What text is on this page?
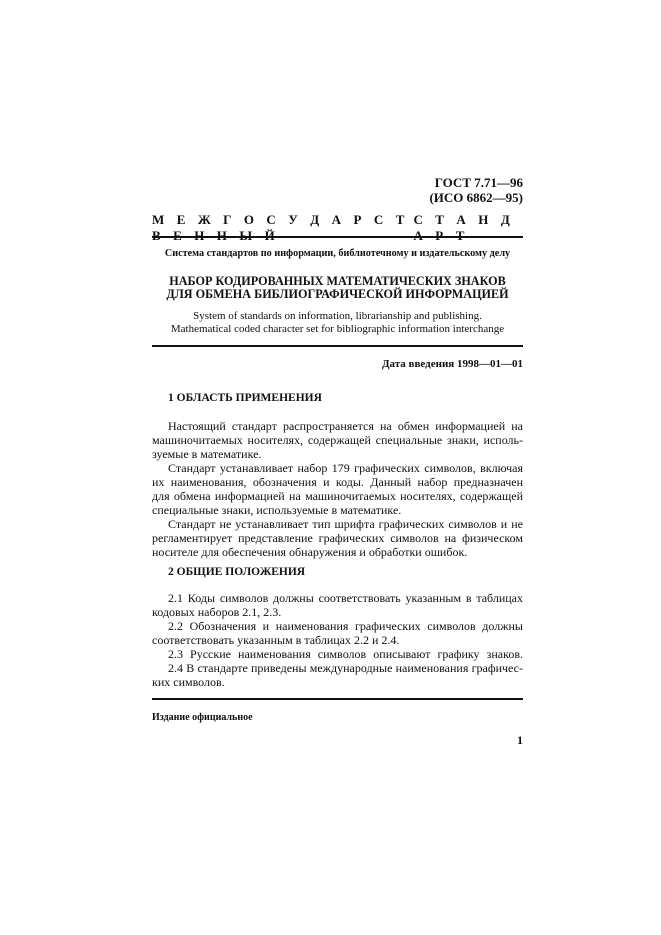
ГОСТ 7.71—96
(ИСО 6862—95)
М Е Ж Г О С У Д А Р С Т В Е Н Н Ы Й
С Т А Н Д А Р Т
Система стандартов по информации, библиотечному и издательскому делу
НАБОР КОДИРОВАННЫХ МАТЕМАТИЧЕСКИХ ЗНАКОВ
ДЛЯ ОБМЕНА БИБЛИОГРАФИЧЕСКОЙ ИНФОРМАЦИЕЙ
System of standards on information, librarianship and publishing.
Mathematical coded character set for bibliographic information interchange
Дата введения 1998—01—01
1 ОБЛАСТЬ ПРИМЕНЕНИЯ
Настоящий стандарт распространяется на обмен информацией на
машиночитаемых носителях, содержащей специальные знаки, исполь-
зуемые в математике.
Стандарт устанавливает набор 179 графических символов, включая
их наименования, обозначения и коды. Данный набор предназначен
для обмена информацией на машиночитаемых носителях, содержащей
специальные знаки, используемые в математике.
Стандарт не устанавливает тип шрифта графических символов и не
регламентирует представление графических символов на физическом
носителе для обеспечения обнаружения и обработки ошибок.
2 ОБЩИЕ ПОЛОЖЕНИЯ
2.1 Коды символов должны соответствовать указанным в таблицах
кодовых наборов 2.1, 2.3.
2.2 Обозначения и наименования графических символов должны
соответствовать указанным в таблицах 2.2 и 2.4.
2.3 Русские наименования символов описывают графику знаков.
2.4 В стандарте приведены международные наименования графичес-
ких символов.
Издание официальное
1
